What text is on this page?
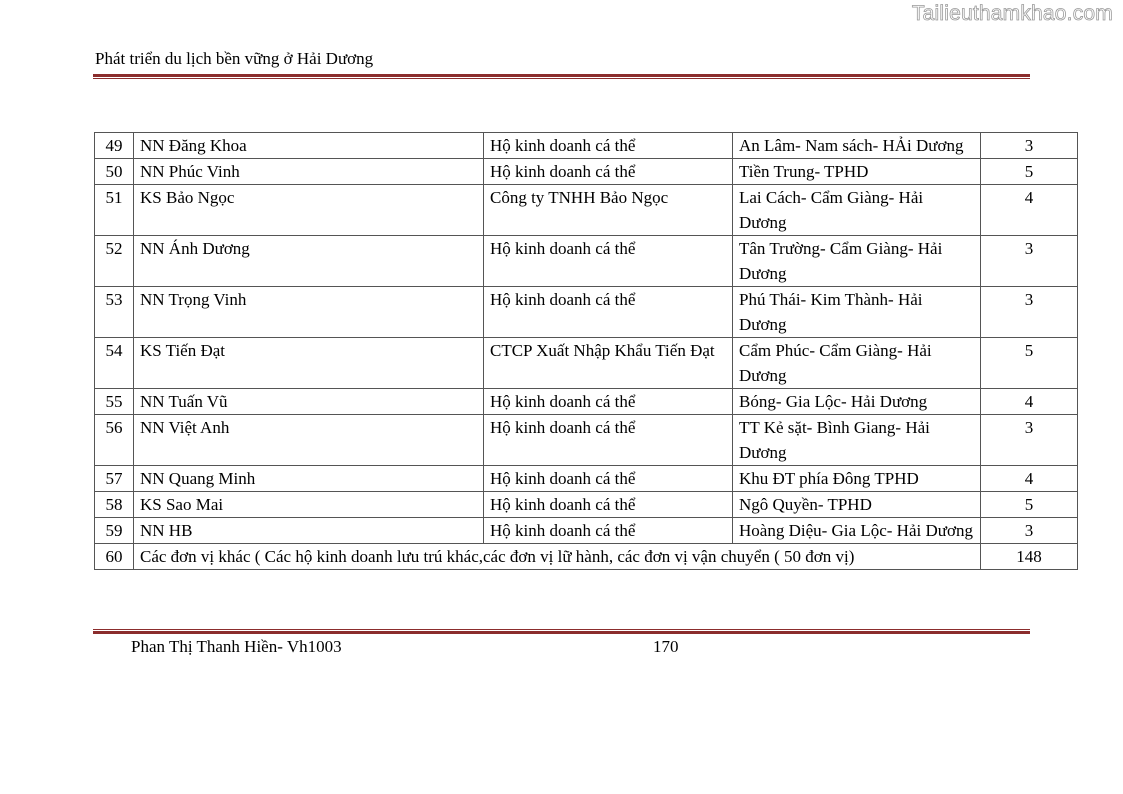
Tailieuthamkhao.com
Phát triển du lịch bền vững ở Hải Dương
49	NN Đăng Khoa	Hộ kinh doanh cá thể	An Lâm- Nam sách- HẢi Dương	3
50	NN Phúc Vinh	Hộ kinh doanh cá thể	Tiền Trung- TPHD	5
51	KS Bảo Ngọc	Công ty TNHH Bảo Ngọc	Lai Cách- Cẩm Giàng- Hải Dương	4
52	NN Ánh Dương	Hộ kinh doanh cá thể	Tân Trường- Cẩm Giàng- Hải Dương	3
53	NN Trọng Vinh	Hộ kinh doanh cá thể	Phú Thái- Kim Thành- Hải Dương	3
54	KS Tiến Đạt	CTCP Xuất Nhập Khẩu Tiến Đạt	Cẩm Phúc- Cẩm Giàng- Hải Dương	5
55	NN Tuấn Vũ	Hộ kinh doanh cá thể	Bóng- Gia Lộc- Hải Dương	4
56	NN Việt Anh	Hộ kinh doanh cá thể	TT Kẻ sặt- Bình Giang- Hải Dương	3
57	NN Quang Minh	Hộ kinh doanh cá thể	Khu ĐT phía Đông TPHD	4
58	KS Sao Mai	Hộ kinh doanh cá thể	Ngô Quyền- TPHD	5
59	NN HB	Hộ kinh doanh cá thể	Hoàng Diệu- Gia Lộc- Hải Dương	3
60	Các đơn vị khác ( Các hộ kinh doanh lưu trú khác,các đơn vị lữ hành, các đơn vị vận chuyển ( 50 đơn vị)			148
Phan Thị Thanh Hiền- Vh1003	170
